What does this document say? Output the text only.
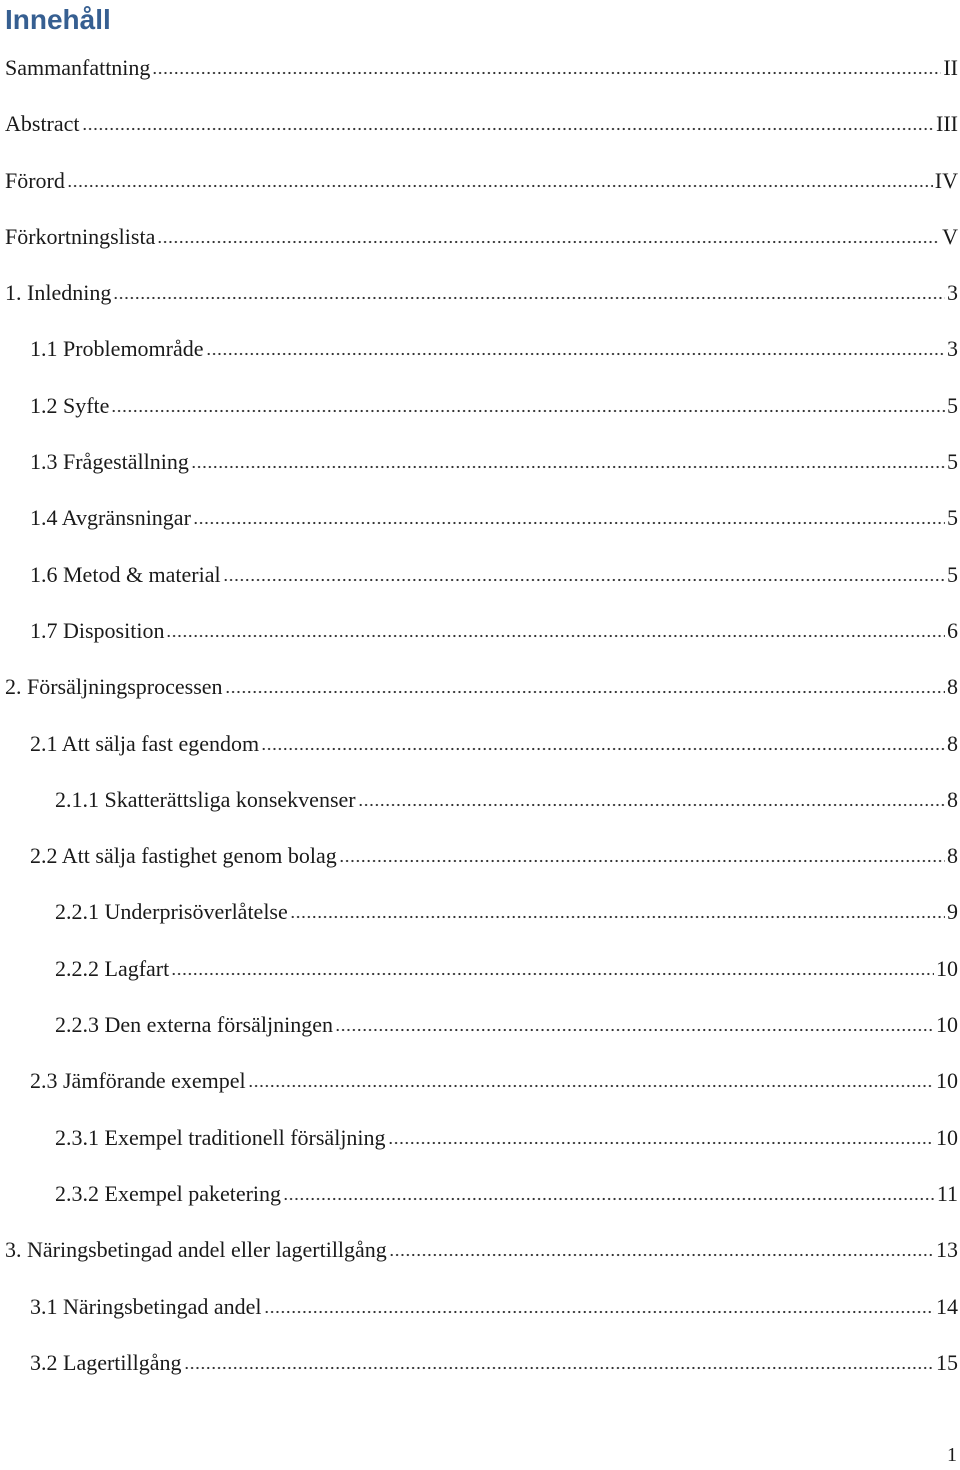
Innehåll
Sammanfattning	II
Abstract	III
Förord	IV
Förkortningslista	V
1. Inledning	3
1.1 Problemområde	3
1.2 Syfte	5
1.3 Frågeställning	5
1.4 Avgränsningar	5
1.6 Metod & material	5
1.7 Disposition	6
2. Försäljningsprocessen	8
2.1 Att sälja fast egendom	8
2.1.1 Skatterättsliga konsekvenser	8
2.2 Att sälja fastighet genom bolag	8
2.2.1 Underprisöverlåtelse	9
2.2.2 Lagfart	10
2.2.3 Den externa försäljningen	10
2.3 Jämförande exempel	10
2.3.1 Exempel traditionell försäljning	10
2.3.2 Exempel paketering	11
3. Näringsbetingad andel eller lagertillgång	13
3.1 Näringsbetingad andel	14
3.2 Lagertillgång	15
1
